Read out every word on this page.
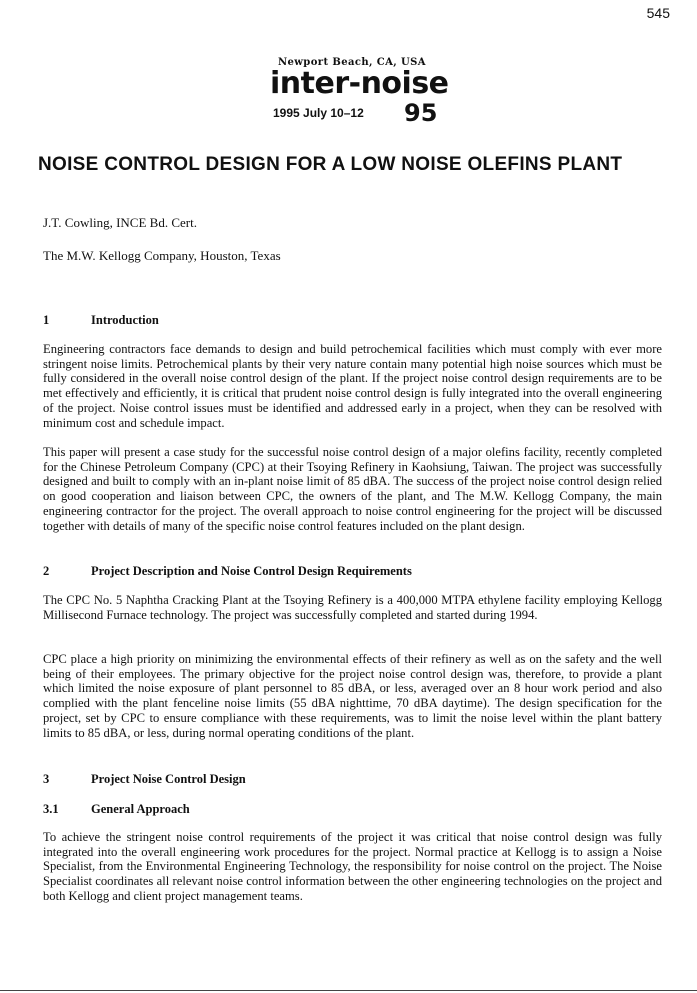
545
Newport Beach, CA, USA
inter-noise
1995 July 10–12 95
NOISE CONTROL DESIGN FOR A LOW NOISE OLEFINS PLANT
J.T. Cowling, INCE Bd. Cert.
The M.W. Kellogg Company, Houston, Texas
1	Introduction

Engineering contractors face demands to design and build petrochemical facilities which must comply with ever more stringent noise limits. Petrochemical plants by their very nature contain many potential high noise sources which must be fully considered in the overall noise control design of the plant. If the project noise control design requirements are to be met effectively and efficiently, it is critical that prudent noise control design is fully integrated into the overall engineering of the project. Noise control issues must be identified and addressed early in a project, when they can be resolved with minimum cost and schedule impact.

This paper will present a case study for the successful noise control design of a major olefins facility, recently completed for the Chinese Petroleum Company (CPC) at their Tsoying Refinery in Kaohsiung, Taiwan. The project was successfully designed and built to comply with an in-plant noise limit of 85 dBA. The success of the project noise control design relied on good cooperation and liaison between CPC, the owners of the plant, and The M.W. Kellogg Company, the main engineering contractor for the project. The overall approach to noise control engineering for the project will be discussed together with details of many of the specific noise control features included on the plant design.

2	Project Description and Noise Control Design Requirements

The CPC No. 5 Naphtha Cracking Plant at the Tsoying Refinery is a 400,000 MTPA ethylene facility employing Kellogg Millisecond Furnace technology. The project was successfully completed and started during 1994.

CPC place a high priority on minimizing the environmental effects of their refinery as well as on the safety and the well being of their employees. The primary objective for the project noise control design was, therefore, to provide a plant which limited the noise exposure of plant personnel to 85 dBA, or less, averaged over an 8 hour work period and also complied with the plant fenceline noise limits (55 dBA nighttime, 70 dBA daytime). The design specification for the project, set by CPC to ensure compliance with these requirements, was to limit the noise level within the plant battery limits to 85 dBA, or less, during normal operating conditions of the plant.

3	Project Noise Control Design
3.1	General Approach

To achieve the stringent noise control requirements of the project it was critical that noise control design was fully integrated into the overall engineering work procedures for the project. Normal practice at Kellogg is to assign a Noise Specialist, from the Environmental Engineering Technology, the responsibility for noise control on the project. The Noise Specialist coordinates all relevant noise control information between the other engineering technologies on the project and both Kellogg and client project management teams.
